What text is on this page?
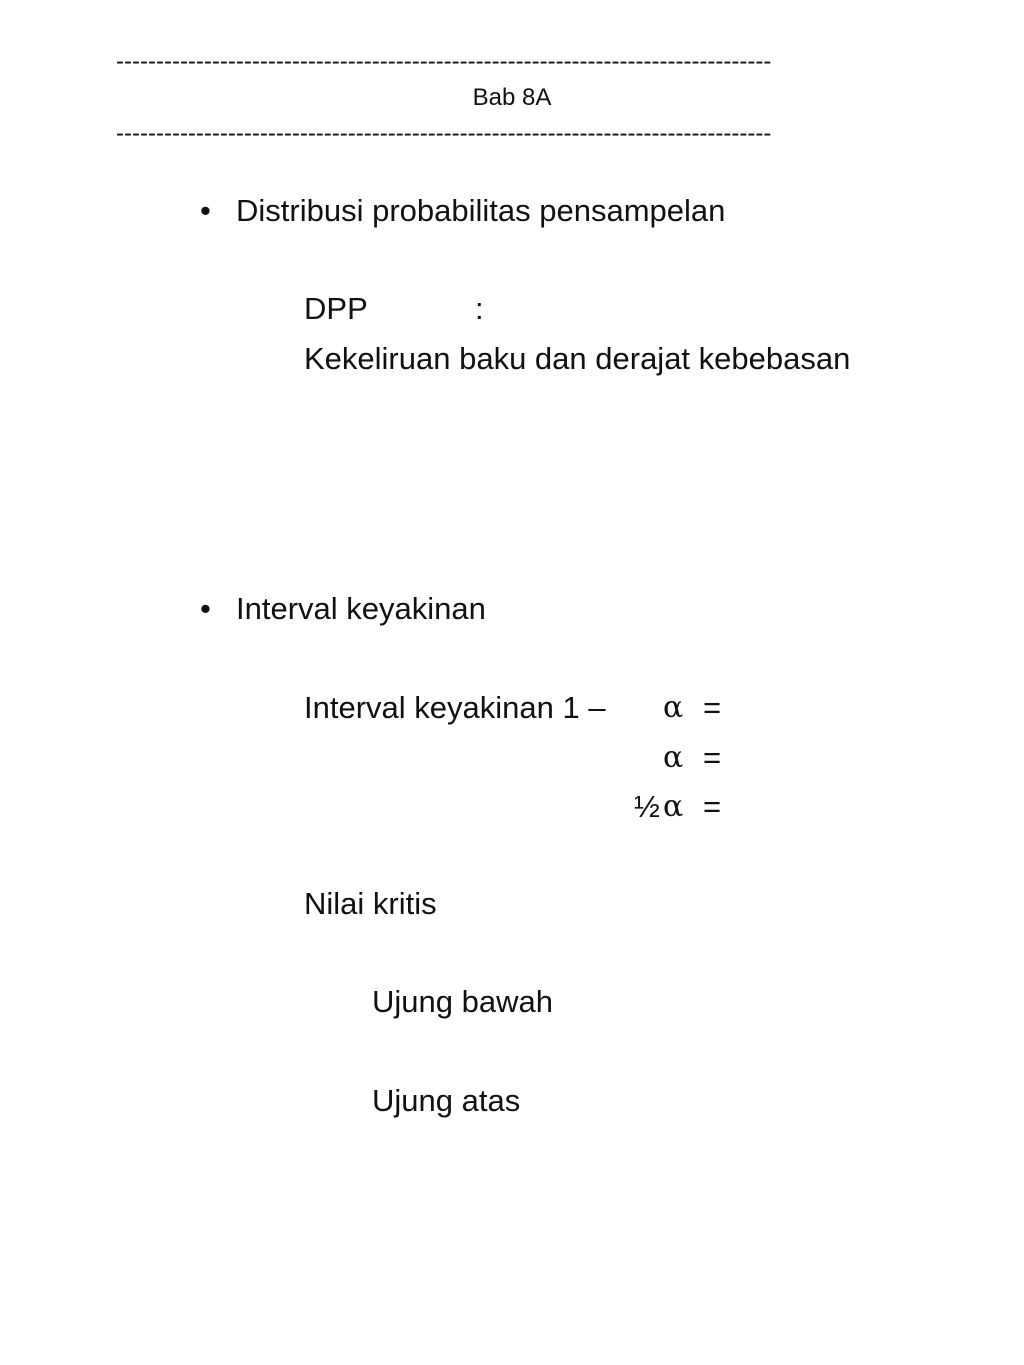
----------------------------------------------------------------------------------
Bab 8A
----------------------------------------------------------------------------------
• Distribusi probabilitas pensampelan
DPP	:
Kekeliruan baku dan derajat kebebasan
• Interval keyakinan
Interval keyakinan 1 – α =
α =
½ α =
Nilai kritis
Ujung bawah
Ujung atas
